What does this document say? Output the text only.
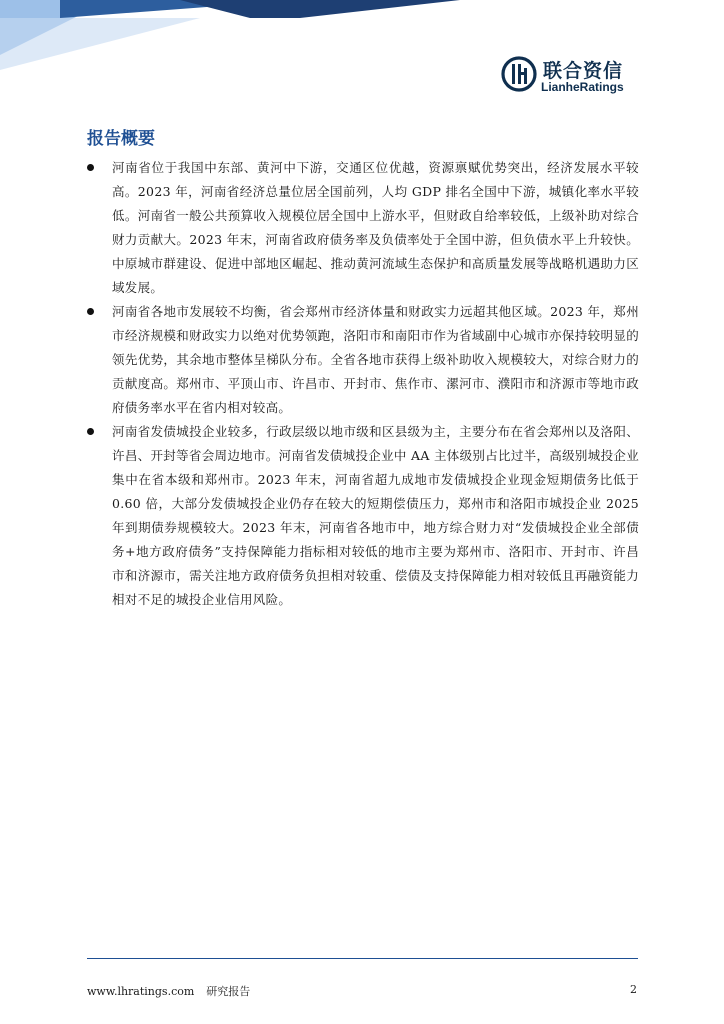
联合资信
LianheRatings
报告概要

河南省位于我国中东部、黄河中下游，交通区位优越，资源禀赋优势突出，经济发展水平较高。2023 年，河南省经济总量位居全国前列，人均 GDP 排名全国中下游，城镇化率水平较低。河南省一般公共预算收入规模位居全国中上游水平，但财政自给率较低，上级补助对综合财力贡献大。2023 年末，河南省政府债务率及负债率处于全国中游，但负债水平上升较快。中原城市群建设、促进中部地区崛起、推动黄河流域生态保护和高质量发展等战略机遇助力区域发展。

河南省各地市发展较不均衡，省会郑州市经济体量和财政实力远超其他区域。2023 年，郑州市经济规模和财政实力以绝对优势领跑，洛阳市和南阳市作为省域副中心城市亦保持较明显的领先优势，其余地市整体呈梯队分布。全省各地市获得上级补助收入规模较大，对综合财力的贡献度高。郑州市、平顶山市、许昌市、开封市、焦作市、漯河市、濮阳市和济源市等地市政府债务率水平在省内相对较高。

河南省发债城投企业较多，行政层级以地市级和区县级为主，主要分布在省会郑州以及洛阳、许昌、开封等省会周边地市。河南省发债城投企业中 AA 主体级别占比过半，高级别城投企业集中在省本级和郑州市。2023 年末，河南省超九成地市发债城投企业现金短期债务比低于 0.60 倍，大部分发债城投企业仍存在较大的短期偿债压力，郑州市和洛阳市城投企业 2025 年到期债券规模较大。2023 年末，河南省各地市中，地方综合财力对“发债城投企业全部债务+地方政府债务”支持保障能力指标相对较低的地市主要为郑州市、洛阳市、开封市、许昌市和济源市，需关注地方政府债务负担相对较重、偿债及支持保障能力相对较低且再融资能力相对不足的城投企业信用风险。

www.lhratings.com 研究报告	2
